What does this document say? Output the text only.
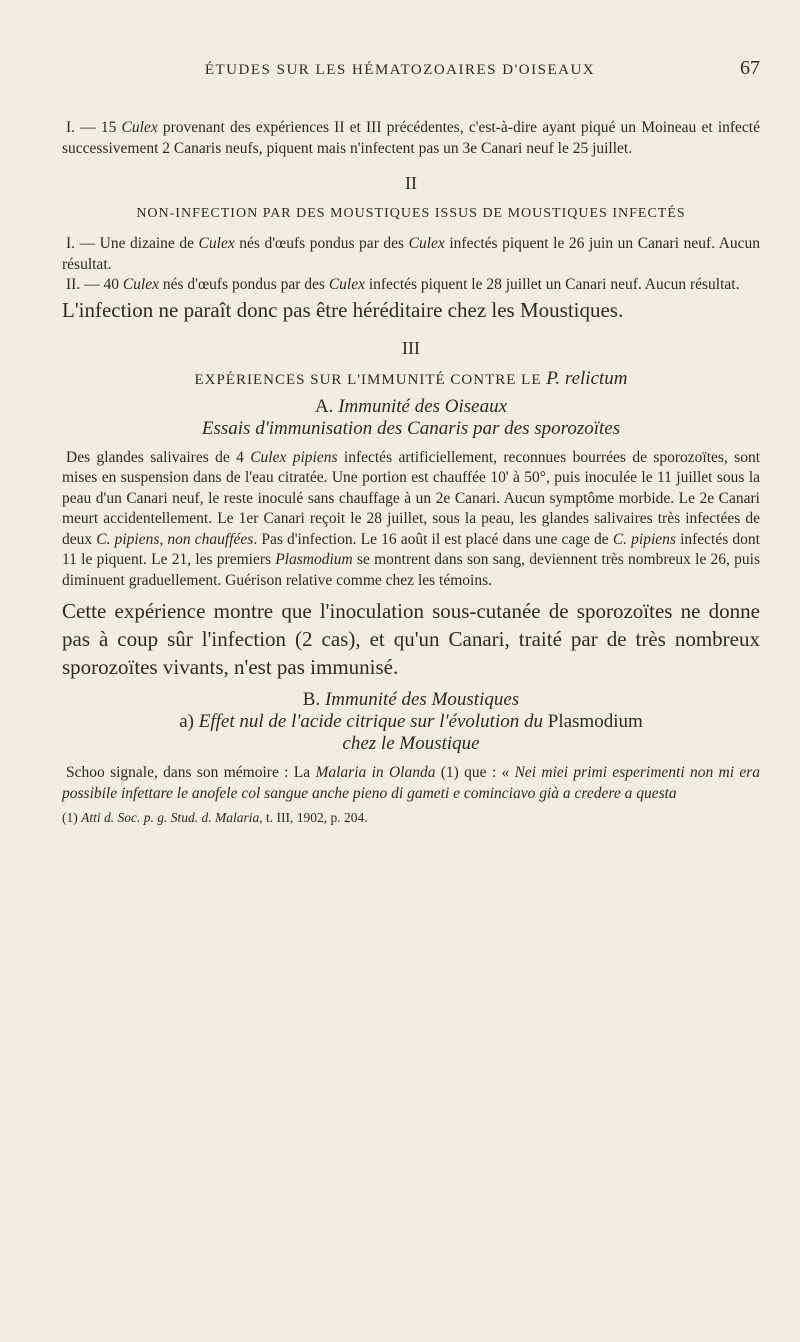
ÉTUDES SUR LES HÉMATOZOAIRES D'OISEAUX	67

I. — 15 Culex provenant des expériences II et III précédentes, c'est-à-dire ayant piqué un Moineau et infecté successivement 2 Canaris neufs, piquent mais n'infectent pas un 3e Canari neuf le 25 juillet.

II
NON-INFECTION PAR DES MOUSTIQUES ISSUS DE MOUSTIQUES INFECTÉS

I. — Une dizaine de Culex nés d'œufs pondus par des Culex infectés piquent le 26 juin un Canari neuf. Aucun résultat.

II. — 40 Culex nés d'œufs pondus par des Culex infectés piquent le 28 juillet un Canari neuf. Aucun résultat.

L'infection ne paraît donc pas être héréditaire chez les Moustiques.

III
EXPÉRIENCES SUR L'IMMUNITÉ CONTRE LE P. relictum
A. Immunité des Oiseaux
Essais d'immunisation des Canaris par des sporozoïtes

Des glandes salivaires de 4 Culex pipiens infectés artificiellement, reconnues bourrées de sporozoïtes, sont mises en suspension dans de l'eau citratée. Une portion est chauffée 10' à 50°, puis inoculée le 11 juillet sous la peau d'un Canari neuf, le reste inoculé sans chauffage à un 2e Canari. Aucun symptôme morbide. Le 2e Canari meurt accidentellement. Le 1er Canari reçoit le 28 juillet, sous la peau, les glandes salivaires très infectées de deux C. pipiens, non chauffées. Pas d'infection. Le 16 août il est placé dans une cage de C. pipiens infectés dont 11 le piquent. Le 21, les premiers Plasmodium se montrent dans son sang, deviennent très nombreux le 26, puis diminuent graduellement. Guérison relative comme chez les témoins.

Cette expérience montre que l'inoculation sous-cutanée de sporozoïtes ne donne pas à coup sûr l'infection (2 cas), et qu'un Canari, traité par de très nombreux sporozoïtes vivants, n'est pas immunisé.

B. Immunité des Moustiques
a) Effet nul de l'acide citrique sur l'évolution du Plasmodium
chez le Moustique

Schoo signale, dans son mémoire : La Malaria in Olanda (1) que : « Nei miei primi esperimenti non mi era possibile infettare le anofele col sangue anche pieno di gameti e cominciavo già a credere a questa

(1) Atti d. Soc. p. g. Stud. d. Malaria, t. III, 1902, p. 204.
